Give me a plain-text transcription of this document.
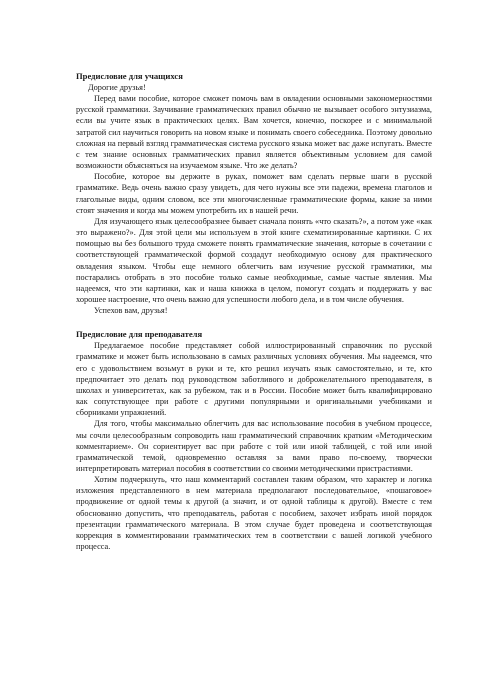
Предисловие для учащихся

Дорогие друзья!

Перед вами пособие, которое сможет помочь вам в овладении основными закономерностями русской грамматики. Заучивание грамматических правил обычно не вызывает особого энтузиазма, если вы учите язык в практических целях. Вам хочется, конечно, поскорее и с минимальной затратой сил научиться говорить на новом языке и понимать своего собеседника. Поэтому довольно сложная на первый взгляд грамматическая система русского языка может вас даже испугать. Вместе с тем знание основных грамматических правил является объективным условием для самой возможности объясняться на изучаемом языке. Что же делать?

Пособие, которое вы держите в руках, поможет вам сделать первые шаги в русской грамматике. Ведь очень важно сразу увидеть, для чего нужны все эти падежи, времена глаголов и глагольные виды, одним словом, все эти многочисленные грамматические формы, какие за ними стоят значения и когда мы можем употребить их в нашей речи.

Для изучающего язык целесообразнее бывает сначала понять «что сказать?», а потом уже «как это выражено?». Для этой цели мы используем в этой книге схематизированные картинки. С их помощью вы без большого труда сможете понять грамматические значения, которые в сочетании с соответствующей грамматической формой создадут необходимую основу для практического овладения языком. Чтобы еще немного облегчить вам изучение русской грамматики, мы постарались отобрать в это пособие только самые необходимые, самые частые явления. Мы надеемся, что эти картинки, как и наша книжка в целом, помогут создать и поддержать у вас хорошее настроение, что очень важно для успешности любого дела, и в том числе обучения.

Успехов вам, друзья!

Предисловие для преподавателя

Предлагаемое пособие представляет собой иллюстрированный справочник по русской грамматике и может быть использовано в самых различных условиях обучения. Мы надеемся, что его с удовольствием возьмут в руки и те, кто решил изучать язык самостоятельно, и те, кто предпочитает это делать под руководством заботливого и доброжелательного преподавателя, в школах и университетах, как за рубежом, так и в России. Пособие может быть квалифицировано как сопутствующее при работе с другими популярными и оригинальными учебниками и сборниками упражнений.

Для того, чтобы максимально облегчить для вас использование пособия в учебном процессе, мы сочли целесообразным сопроводить наш грамматический справочник кратким «Методическим комментарием». Он сориентирует вас при работе с той или иной таблицей, с той или иной грамматической темой, одновременно оставляя за вами право по-своему, творчески интерпретировать материал пособия в соответствии со своими методическими пристрастиями.

Хотим подчеркнуть, что наш комментарий составлен таким образом, что характер и логика изложения представленного в нем материала предполагают последовательное, «пошаговое» продвижение от одной темы к другой (а значит, и от одной таблицы к другой). Вместе с тем обоснованно допустить, что преподаватель, работая с пособием, захочет избрать иной порядок презентации грамматического материала. В этом случае будет проведена и соответствующая коррекция в комментировании грамматических тем в соответствии с вашей логикой учебного процесса.
